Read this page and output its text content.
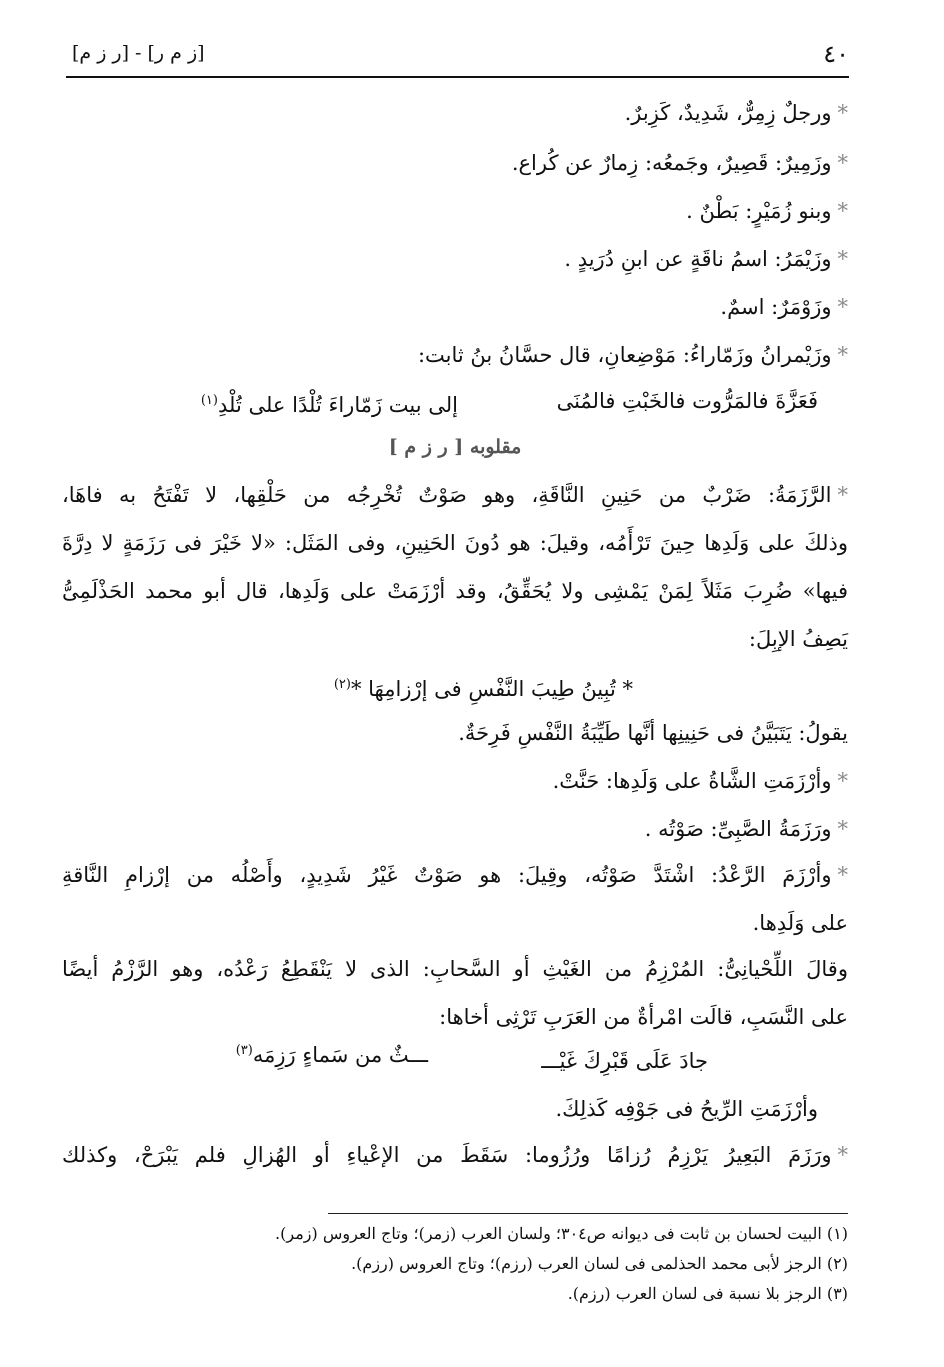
٤٠
[ز م ر] - [ر ز م]
*ورجلٌ زِمِرٌّ، شَدِيدٌ، كَزِبرٌ.
*وزَمِيرٌ: قَصِيرٌ، وجَمعُه: زِمارٌ عن كُراع.
*وبنو زُمَيْرٍ: بَطْنٌ .
*وزَيْمَرُ: اسمُ ناقَةٍ عن ابنِ دُرَيدٍ .
*وزَوْمَرٌ: اسمٌ.
*وزَيْمرانُ وزَمّاراءُ: مَوْضِعانِ، قال حسَّانُ بنُ ثابت:
فَعَزَّةَ فالمَرُّوت فالخَبْتِ فالمُنَى
إلى بيت زَمّاراءَ تُلْدًا على تُلْدِ$^{(١)}$
مقلوبه [ ر ز م ]
*الرَّزَمَةُ: ضَرْبٌ من حَنِينِ النَّاقَةِ، وهو صَوْتٌ تُخْرِجُه من حَلْقِها، لا تَفْتَحُ به فاهَا،
وذلكَ على وَلَدِها حِينَ تَرْأَمُه، وقيلَ: هو دُونَ الحَنِينِ، وفى المَثَل: «لا خَيْرَ فى رَزَمَةٍ لا دِرَّةَ
فيها» ضُرِبَ مَثَلاً لِمَنْ يَمْشِى ولا يُحَقِّقُ، وقد أرْزَمَتْ على وَلَدِها، قال أبو محمد الحَذْلَمِىُّ
يَصِفُ الإبِلَ:
* تُبِينُ طِيبَ النَّفْسِ فى إرْزامِهَا *$^{(٢)}$
يقولُ: يَتَبَيَّنُ فى حَنِينِها أنَّها طَيِّبَةُ النَّفْسِ فَرِحَةٌ.
*وأرْزَمَتِ الشَّاةُ على وَلَدِها: حَنَّتْ.
*ورَزَمَةُ الصَّبِىِّ: صَوْتُه .
*وأرْزَمَ الرَّعْدُ: اشْتَدَّ صَوْتُه، وقِيلَ: هو صَوْتٌ غَيْرُ شَدِيدٍ، وأَصْلُه من إرْزامِ النَّاقةِ
على وَلَدِها.
وقالَ اللِّحْيانِىُّ: المُرْزِمُ من الغَيْثِ أو السَّحابِ: الذى لا يَنْقَطِعُ رَعْدُه، وهو الرَّزْمُ أيضًا
على النَّسَبِ، قالَت امْرأةٌ من العَرَبِ تَرْثِى أخاها:
جادَ عَلَى قَبْرِكَ غَيْـــ
ـــثٌ من سَماءٍ رَزِمَه$^{(٣)}$
وأرْزَمَتِ الرِّيحُ فى جَوْفِه كَذلِكَ.
*ورَزَمَ البَعِيرُ يَرْزِمُ رُزامًا ورُزُوما: سَقَطَ من الإعْياءِ أو الهُزالِ فلم يَبْرَحْ، وكذلك
(١) البيت لحسان بن ثابت فى ديوانه ص٣٠٤؛ ولسان العرب (زمر)؛ وتاج العروس (زمر).
(٢) الرجز لأبى محمد الحذلمى فى لسان العرب (رزم)؛ وتاج العروس (رزم).
(٣) الرجز بلا نسبة فى لسان العرب (رزم).
